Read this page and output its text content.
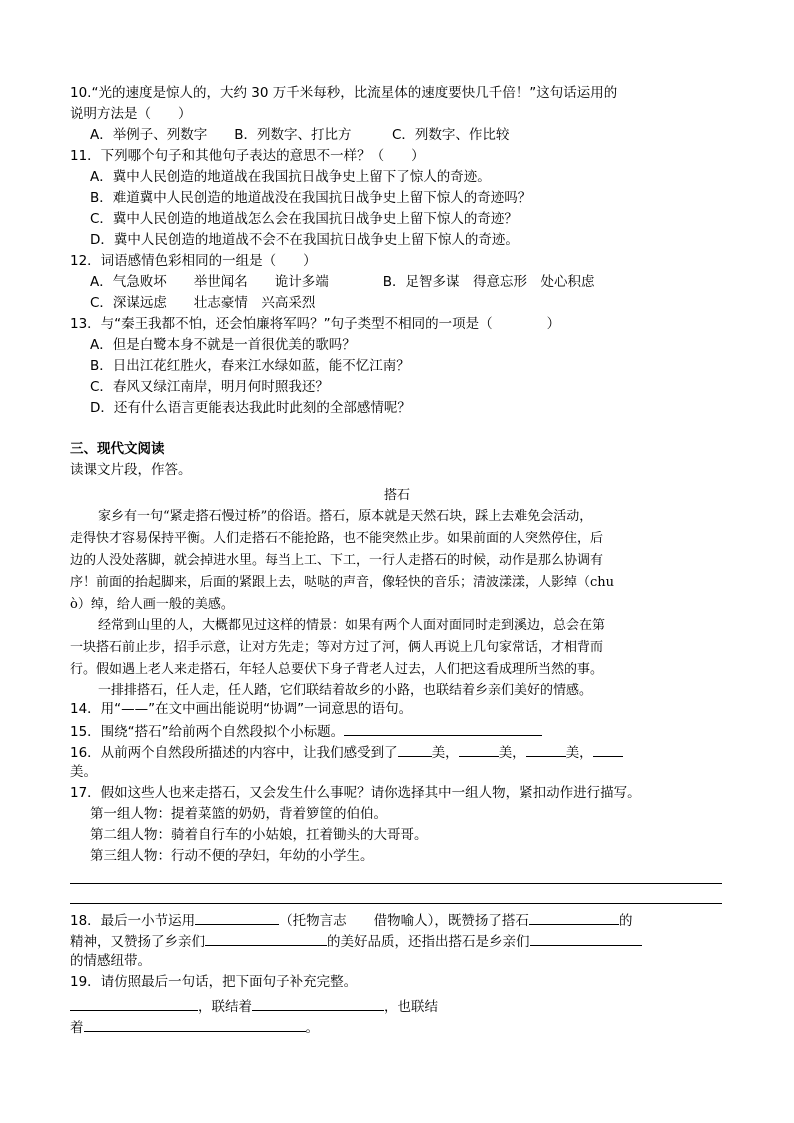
10.“光的速度是惊人的，大约 30 万千米每秒，比流星体的速度要快几千倍！”这句话运用的
说明方法是（　　）
A．举例子、列数字　　B．列数字、打比方　　　C．列数字、作比较
11．下列哪个句子和其他句子表达的意思不一样？（　　）
A．冀中人民创造的地道战在我国抗日战争史上留下了惊人的奇迹。
B．难道冀中人民创造的地道战没在我国抗日战争史上留下惊人的奇迹吗？
C．冀中人民创造的地道战怎么会在我国抗日战争史上留下惊人的奇迹？
D．冀中人民创造的地道战不会不在我国抗日战争史上留下惊人的奇迹。
12．词语感情色彩相同的一组是（　　）
A．气急败坏　　举世闻名　　诡计多端　　　　B．足智多谋　得意忘形　处心积虑
C．深谋远虑　　壮志豪情　兴高采烈
13．与“秦王我都不怕，还会怕廉将军吗？”句子类型不相同的一项是（　　　　）
A．但是白鹭本身不就是一首很优美的歌吗？
B．日出江花红胜火，春来江水绿如蓝，能不忆江南？
C．春风又绿江南岸，明月何时照我还？
D．还有什么语言更能表达我此时此刻的全部感情呢？
三、现代文阅读
读课文片段，作答。
搭石
家乡有一句“紧走搭石慢过桥”的俗语。搭石，原本就是天然石块，踩上去难免会活动，
走得快才容易保持平衡。人们走搭石不能抢路，也不能突然止步。如果前面的人突然停住，后
边的人没处落脚，就会掉进水里。每当上工、下工，一行人走搭石的时候，动作是那么协调有
序！前面的抬起脚来，后面的紧跟上去，哒哒的声音，像轻快的音乐；清波漾漾，人影绰（chu
ò）绰，给人画一般的美感。
经常到山里的人，大概都见过这样的情景：如果有两个人面对面同时走到溪边，总会在第
一块搭石前止步，招手示意，让对方先走；等对方过了河，俩人再说上几句家常话，才相背而
行。假如遇上老人来走搭石，年轻人总要伏下身子背老人过去，人们把这看成理所当然的事。
一排排搭石，任人走，任人踏，它们联结着故乡的小路，也联结着乡亲们美好的情感。
14．用“——”在文中画出能说明“协调”一词意思的语句。
15．围绕“搭石”给前两个自然段拟个小标题。
16．从前两个自然段所描述的内容中，让我们感受到了	美，	美，	美，
美。
17．假如这些人也来走搭石，又会发生什么事呢？请你选择其中一组人物，紧扣动作进行描写。
第一组人物：提着菜篮的奶奶，背着箩筐的伯伯。
第二组人物：骑着自行车的小姑娘，扛着锄头的大哥哥。
第三组人物：行动不便的孕妇，年幼的小学生。
18．最后一小节运用	（托物言志　　借物喻人），既赞扬了搭石	的
精神，又赞扬了乡亲们	的美好品质，还指出搭石是乡亲们
的情感纽带。
19．请仿照最后一句话，把下面句子补充完整。
，联结着	，也联结
着	。
